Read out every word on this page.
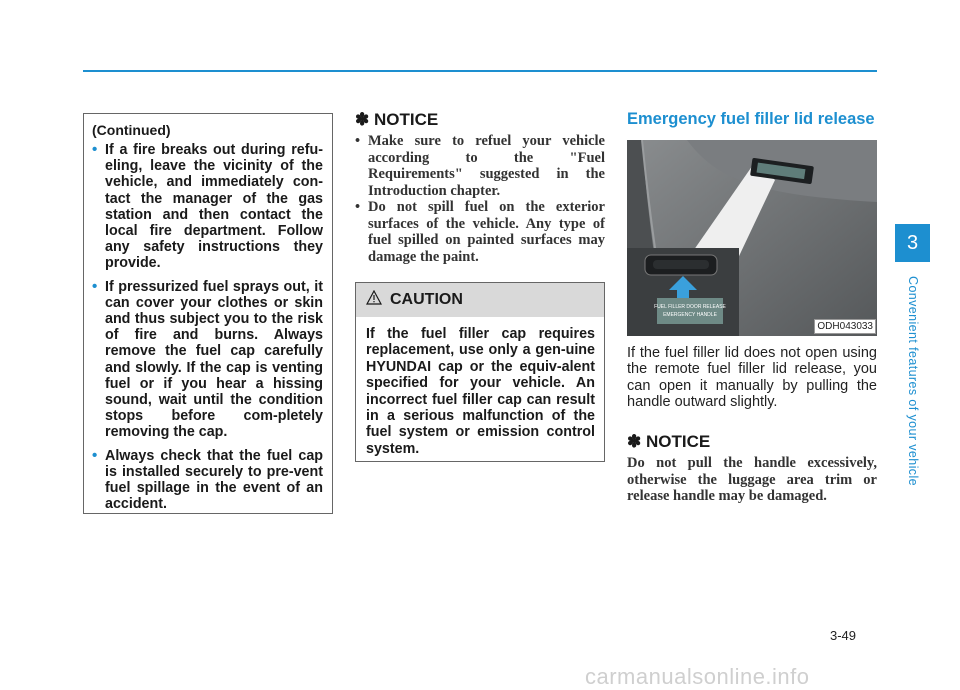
(Continued)
• If a fire breaks out during refu-eling, leave the vicinity of the vehicle, and immediately con-tact the manager of the gas station and then contact the local fire department. Follow any safety instructions they provide.
• If pressurized fuel sprays out, it can cover your clothes or skin and thus subject you to the risk of fire and burns. Always remove the fuel cap carefully and slowly. If the cap is venting fuel or if you hear a hissing sound, wait until the condition stops before com-pletely removing the cap.
• Always check that the fuel cap is installed securely to pre-vent fuel spillage in the event of an accident.
✽ NOTICE
• Make sure to refuel your vehicle according to the "Fuel Requirements" suggested in the Introduction chapter.
• Do not spill fuel on the exterior surfaces of the vehicle. Any type of fuel spilled on painted surfaces may damage the paint.
CAUTION
If the fuel filler cap requires replacement, use only a gen-uine HYUNDAI cap or the equiv-alent specified for your vehicle. An incorrect fuel filler cap can result in a serious malfunction of the fuel system or emission control system.
Emergency fuel filler lid release
FUEL FILLER DOOR RELEASE
EMERGENCY HANDLE
ODH043033
If the fuel filler lid does not open using the remote fuel filler lid release, you can open it manually by pulling the handle outward slightly.
✽ NOTICE
Do not pull the handle excessively, otherwise the luggage area trim or release handle may be damaged.
3
Convenient features of your vehicle
3-49
carmanualsonline.info
